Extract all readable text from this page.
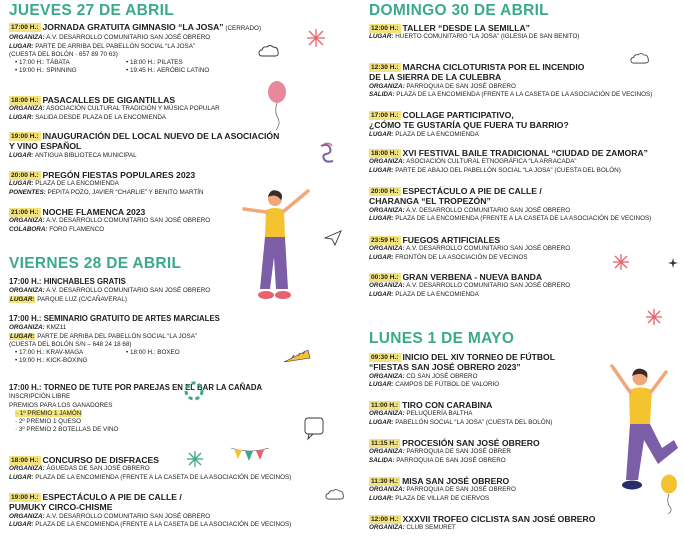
JUEVES 27 DE ABRIL
17:00 H.: JORNADA GRATUITA GIMNASIO “LA JOSA” (CERRADO)
ORGANIZA: A.V. DESARROLLO COMUNITARIO SAN JOSÉ OBRERO
LUGAR: PARTE DE ARRIBA DEL PABELLÓN SOCIAL “LA JOSA”
(CUESTA DEL BOLÓN · 657 89 70 63)
• 17:00 H.: TÁBATA	• 18:00 H.: PILATES
• 19:00 H.: SPINNING	• 19:45 H.: AERÓBIC LATINO
18:00 H.: PASACALLES DE GIGANTILLAS
ORGANIZA: ASOCIACIÓN CULTURAL TRADICIÓN Y MÚSICA POPULAR
LUGAR: SALIDA DESDE PLAZA DE LA ENCOMIENDA
19:00 H.: INAUGURACIÓN DEL LOCAL NUEVO DE LA ASOCIACIÓN
Y VINO ESPAÑOL
LUGAR: ANTIGUA BIBLIOTECA MUNICIPAL
20:00 H.: PREGÓN FIESTAS POPULARES 2023
LUGAR: PLAZA DE LA ENCOMIENDA
PONENTES: PEPITA POZO, JAVIER “CHARLIE” Y BENITO MARTÍN
21:00 H.: NOCHE FLAMENCA 2023
ORGANIZA: A.V. DESARROLLO COMUNITARIO SAN JOSÉ OBRERO
COLABORA: FORO FLAMENCO
VIERNES 28 DE ABRIL
17:00 H.: HINCHABLES GRATIS
ORGANIZA: A.V. DESARROLLO COMUNITARIO SAN JOSÉ OBRERO
LUGAR: PARQUE LUZ (C/CAÑAVERAL)
17:00 H.: SEMINARIO GRATUITO DE ARTES MARCIALES
ORGANIZA: KMZ11
LUGAR: PARTE DE ARRIBA DEL PABELLÓN SOCIAL “LA JOSA”
(CUESTA DEL BOLÓN S/N – 648 24 18 68)
• 17:00 H.: KRAV-MAGA	• 18:00 H.: BOXEO
• 19:00 H.: KICK-BOXING
17:00 H.: TORNEO DE TUTE POR PAREJAS EN EL BAR LA CAÑADA
INSCRIPCIÓN LIBRE
PREMIOS PARA LOS GANADORES
· 1º PREMIO 1 JAMÓN
· 2º PREMIO 1 QUESO
· 3º PREMIO 2 BOTELLAS DE VINO
18:00 H.: CONCURSO DE DISFRACES
ORGANIZA: ÁGUEDAS DE SAN JOSÉ OBRERO
LUGAR: PLAZA DE LA ENCOMIENDA (FRENTE A LA CASETA DE LA ASOCIACIÓN DE VECINOS)
19:00 H.: ESPECTÁCULO A PIE DE CALLE /
PUMUKY CIRCO-CHISME
ORGANIZA: A.V. DESARROLLO COMUNITARIO SAN JOSÉ OBRERO
LUGAR: PLAZA DE LA ENCOMIENDA (FRENTE A LA CASETA DE LA ASOCIACIÓN DE VECINOS)
DOMINGO 30 DE ABRIL
12:00 H.: TALLER “DESDE LA SEMILLA”
LUGAR: HUERTO COMUNITARIO “LA JOSA” (IGLESIA DE SAN BENITO)
12:30 H.: MARCHA CICLOTURISTA POR EL INCENDIO
DE LA SIERRA DE LA CULEBRA
ORGANIZA: PARROQUIA DE SAN JOSÉ OBRERO
SALIDA: PLAZA DE LA ENCOMIENDA (FRENTE A LA CASETA DE LA ASOCIACIÓN DE VECINOS)
17:00 H.: COLLAGE PARTICIPATIVO,
¿CÓMO TE GUSTARÍA QUE FUERA TU BARRIO?
LUGAR: PLAZA DE LA ENCOMIENDA
18:00 H.: XVI FESTIVAL BAILE TRADICIONAL “CIUDAD DE ZAMORA”
ORGANIZA: ASOCIACIÓN CULTURAL ETNOGRÁFICA “LA ARRACADA”
LUGAR: PARTE DE ABAJO DEL PABELLÓN SOCIAL “LA JOSA” (CUESTA DEL BOLÓN)
20:00 H.: ESPECTÁCULO A PIE DE CALLE /
CHARANGA “EL TROPEZÓN”
ORGANIZA: A.V. DESARROLLO COMUNITARIO SAN JOSÉ OBRERO
LUGAR: PLAZA DE LA ENCOMIENDA (FRENTE A LA CASETA DE LA ASOCIACIÓN DE VECINOS)
23:59 H.: FUEGOS ARTIFICIALES
ORGANIZA: A.V. DESARROLLO COMUNITARIO SAN JOSÉ OBRERO
LUGAR: FRONTÓN DE LA ASOCIACIÓN DE VECINOS
00:30 H.: GRAN VERBENA - NUEVA BANDA
ORGANIZA: A.V. DESARROLLO COMUNITARIO SAN JOSÉ OBRERO
LUGAR: PLAZA DE LA ENCOMIENDA
LUNES 1 DE MAYO
09:30 H.: INICIO DEL XIV TORNEO DE FÚTBOL
“FIESTAS SAN JOSÉ OBRERO 2023”
ORGANIZA: CD SAN JOSÉ OBRERO
LUGAR: CAMPOS DE FÚTBOL DE VALORIO
11:00 H.: TIRO CON CARABINA
ORGANIZA: PELUQUERÍA BALTHA
LUGAR: PABELLÓN SOCIAL “LA JOSA” (CUESTA DEL BOLÓN)
11:15 H.: PROCESIÓN SAN JOSÉ OBRERO
ORGANIZA: PARROQUIA DE SAN JOSÉ OBRER
SALIDA: PARROQUIA DE SAN JOSÉ OBRERO
11:30 H.: MISA SAN JOSÉ OBRERO
ORGANIZA: PARROQUIA DE SAN JOSÉ OBRERO
LUGAR: PLAZA DE VILLAR DE CIERVOS
12:00 H.: XXXVII TROFEO CICLISTA SAN JOSÉ OBRERO
ORGANIZA: CLUB SEMURET
